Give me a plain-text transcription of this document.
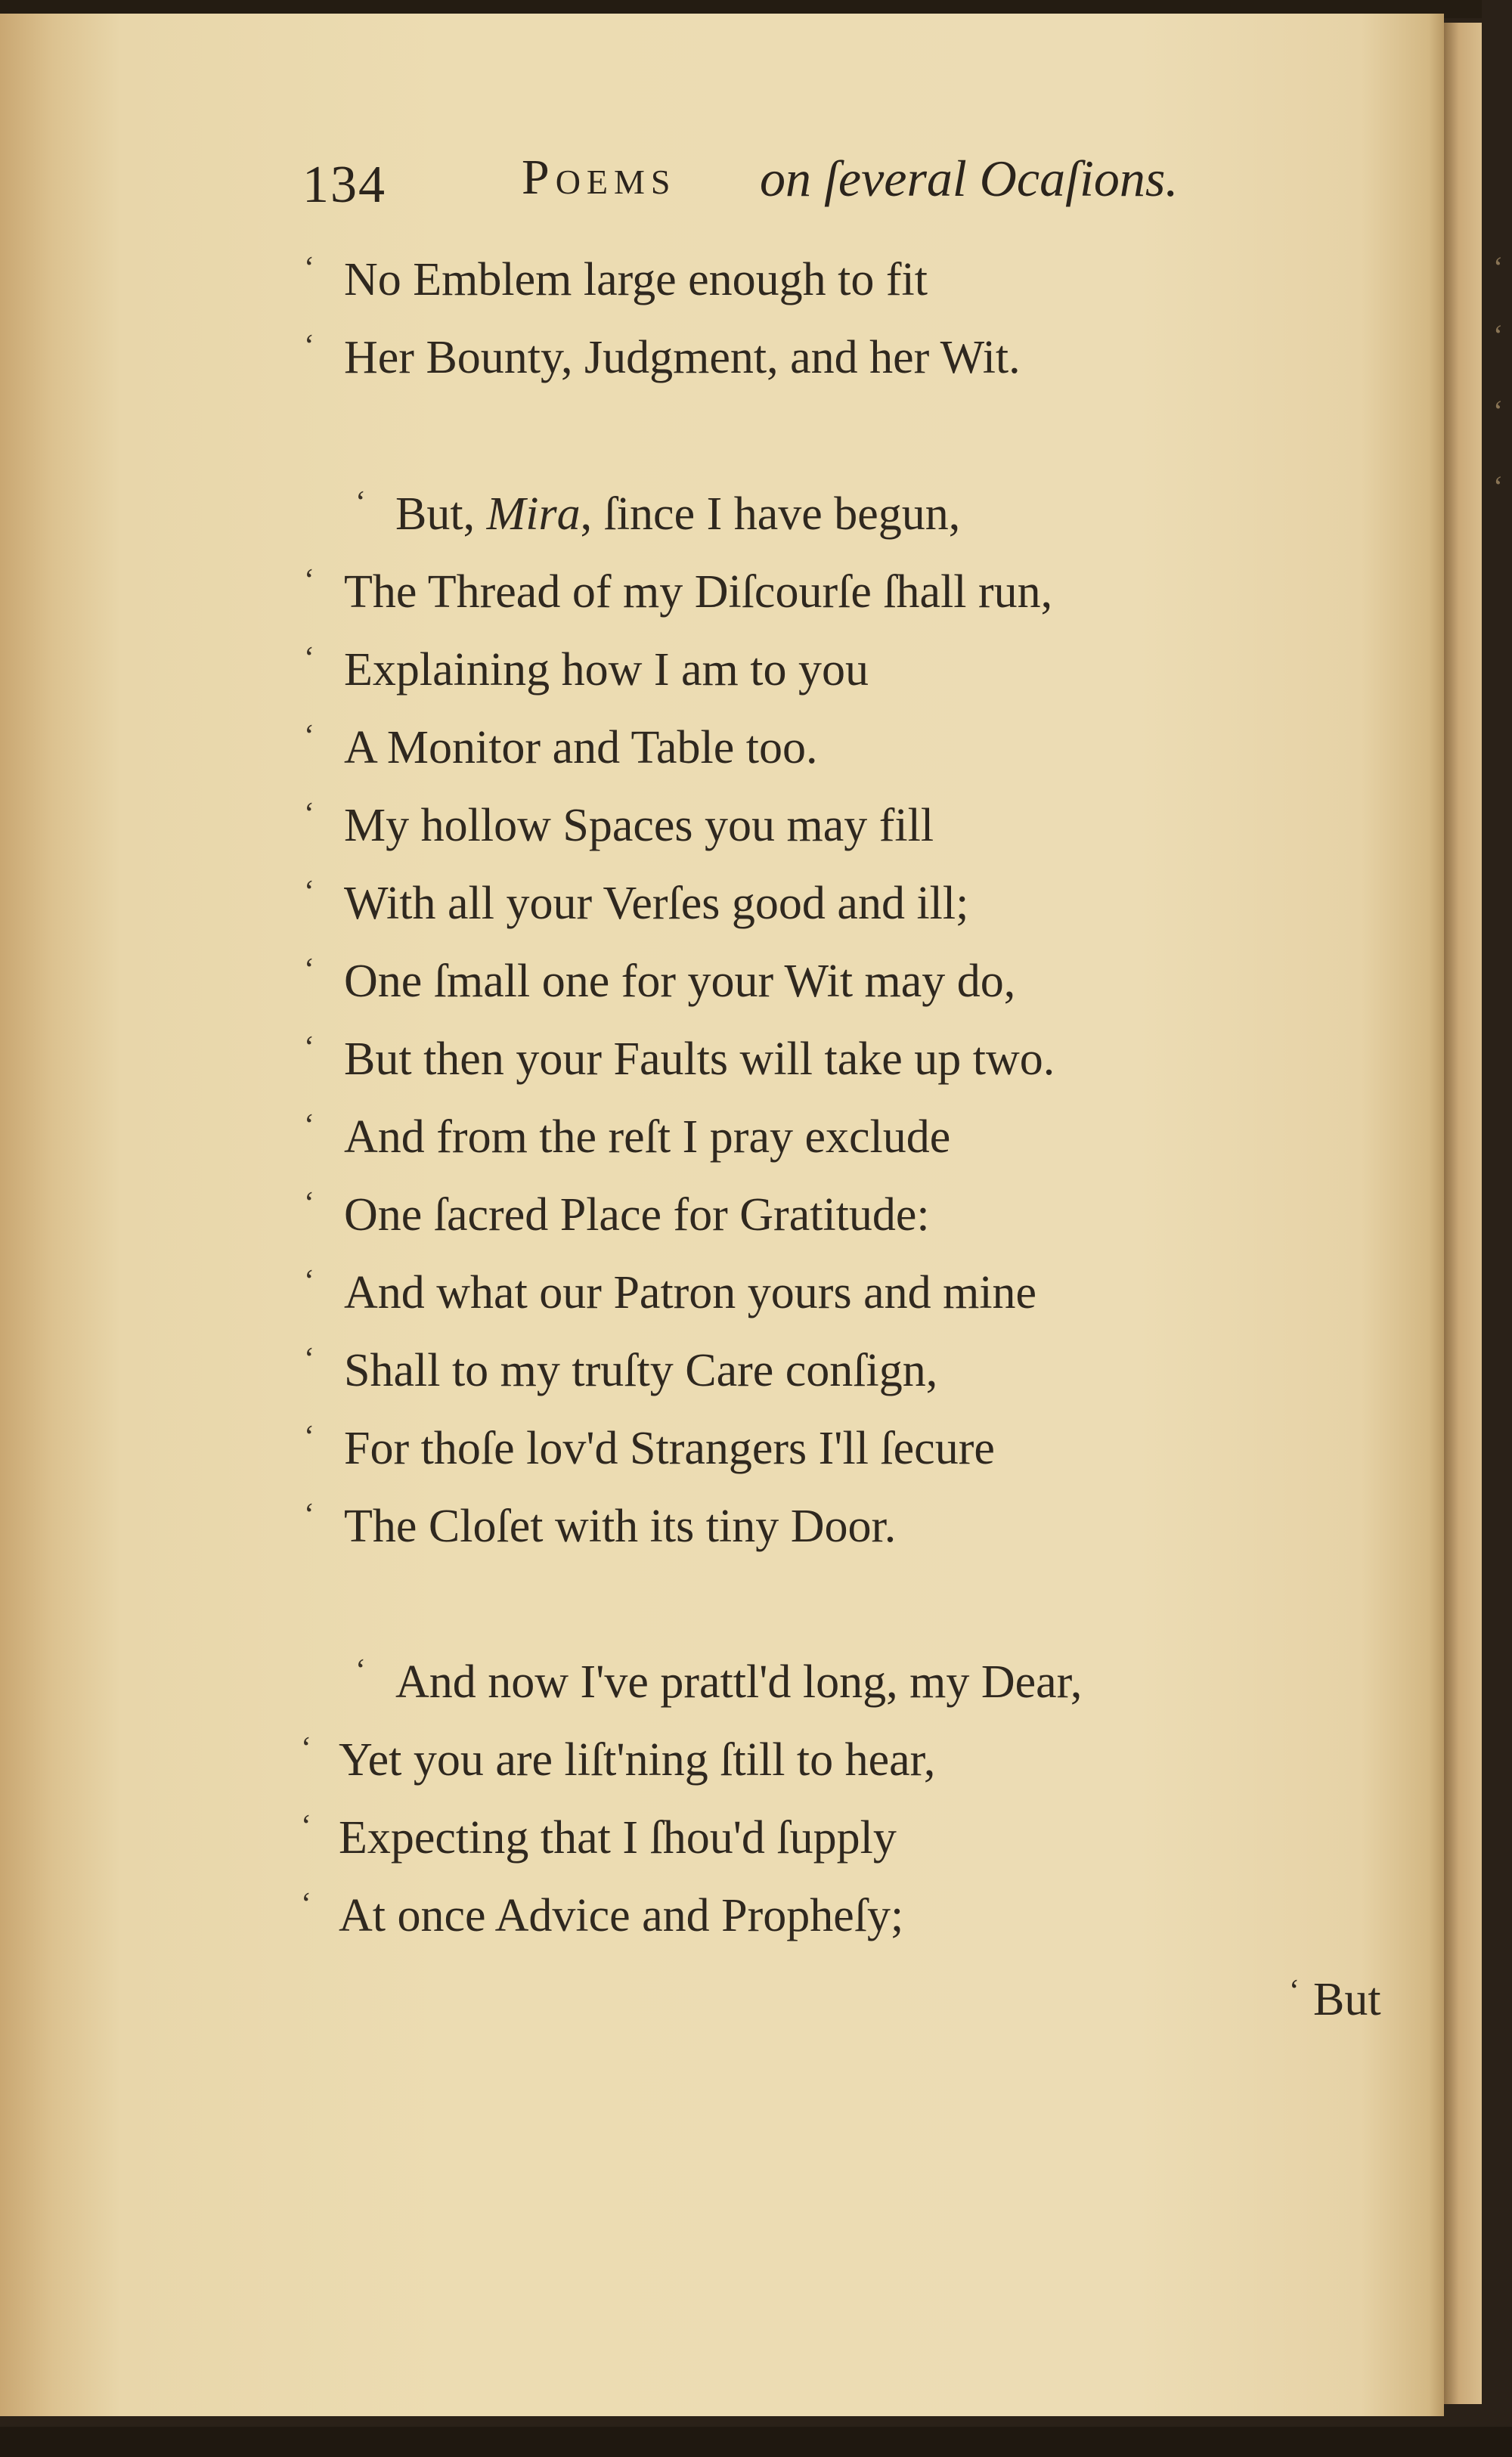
‘
‘
‘
‘
134	Poems on ſeveral Ocaſions.
‘ No Emblem large enough to fit
‘ Her Bounty, Judgment, and her Wit.
‘ But, Mira, ſince I have begun,
‘ The Thread of my Diſcourſe ſhall run,
‘ Explaining how I am to you
‘ A Monitor and Table too.
‘ My hollow Spaces you may fill
‘ With all your Verſes good and ill;
‘ One ſmall one for your Wit may do,
‘ But then your Faults will take up two.
‘ And from the reſt I pray exclude
‘ One ſacred Place for Gratitude:
‘ And what our Patron yours and mine
‘ Shall to my truſty Care conſign,
‘ For thoſe lov'd Strangers I'll ſecure
‘ The Cloſet with its tiny Door.
‘ And now I've prattl'd long, my Dear,
‘ Yet you are liſt'ning ſtill to hear,
‘ Expecting that I ſhou'd ſupply
‘ At once Advice and Propheſy;
‘ But
